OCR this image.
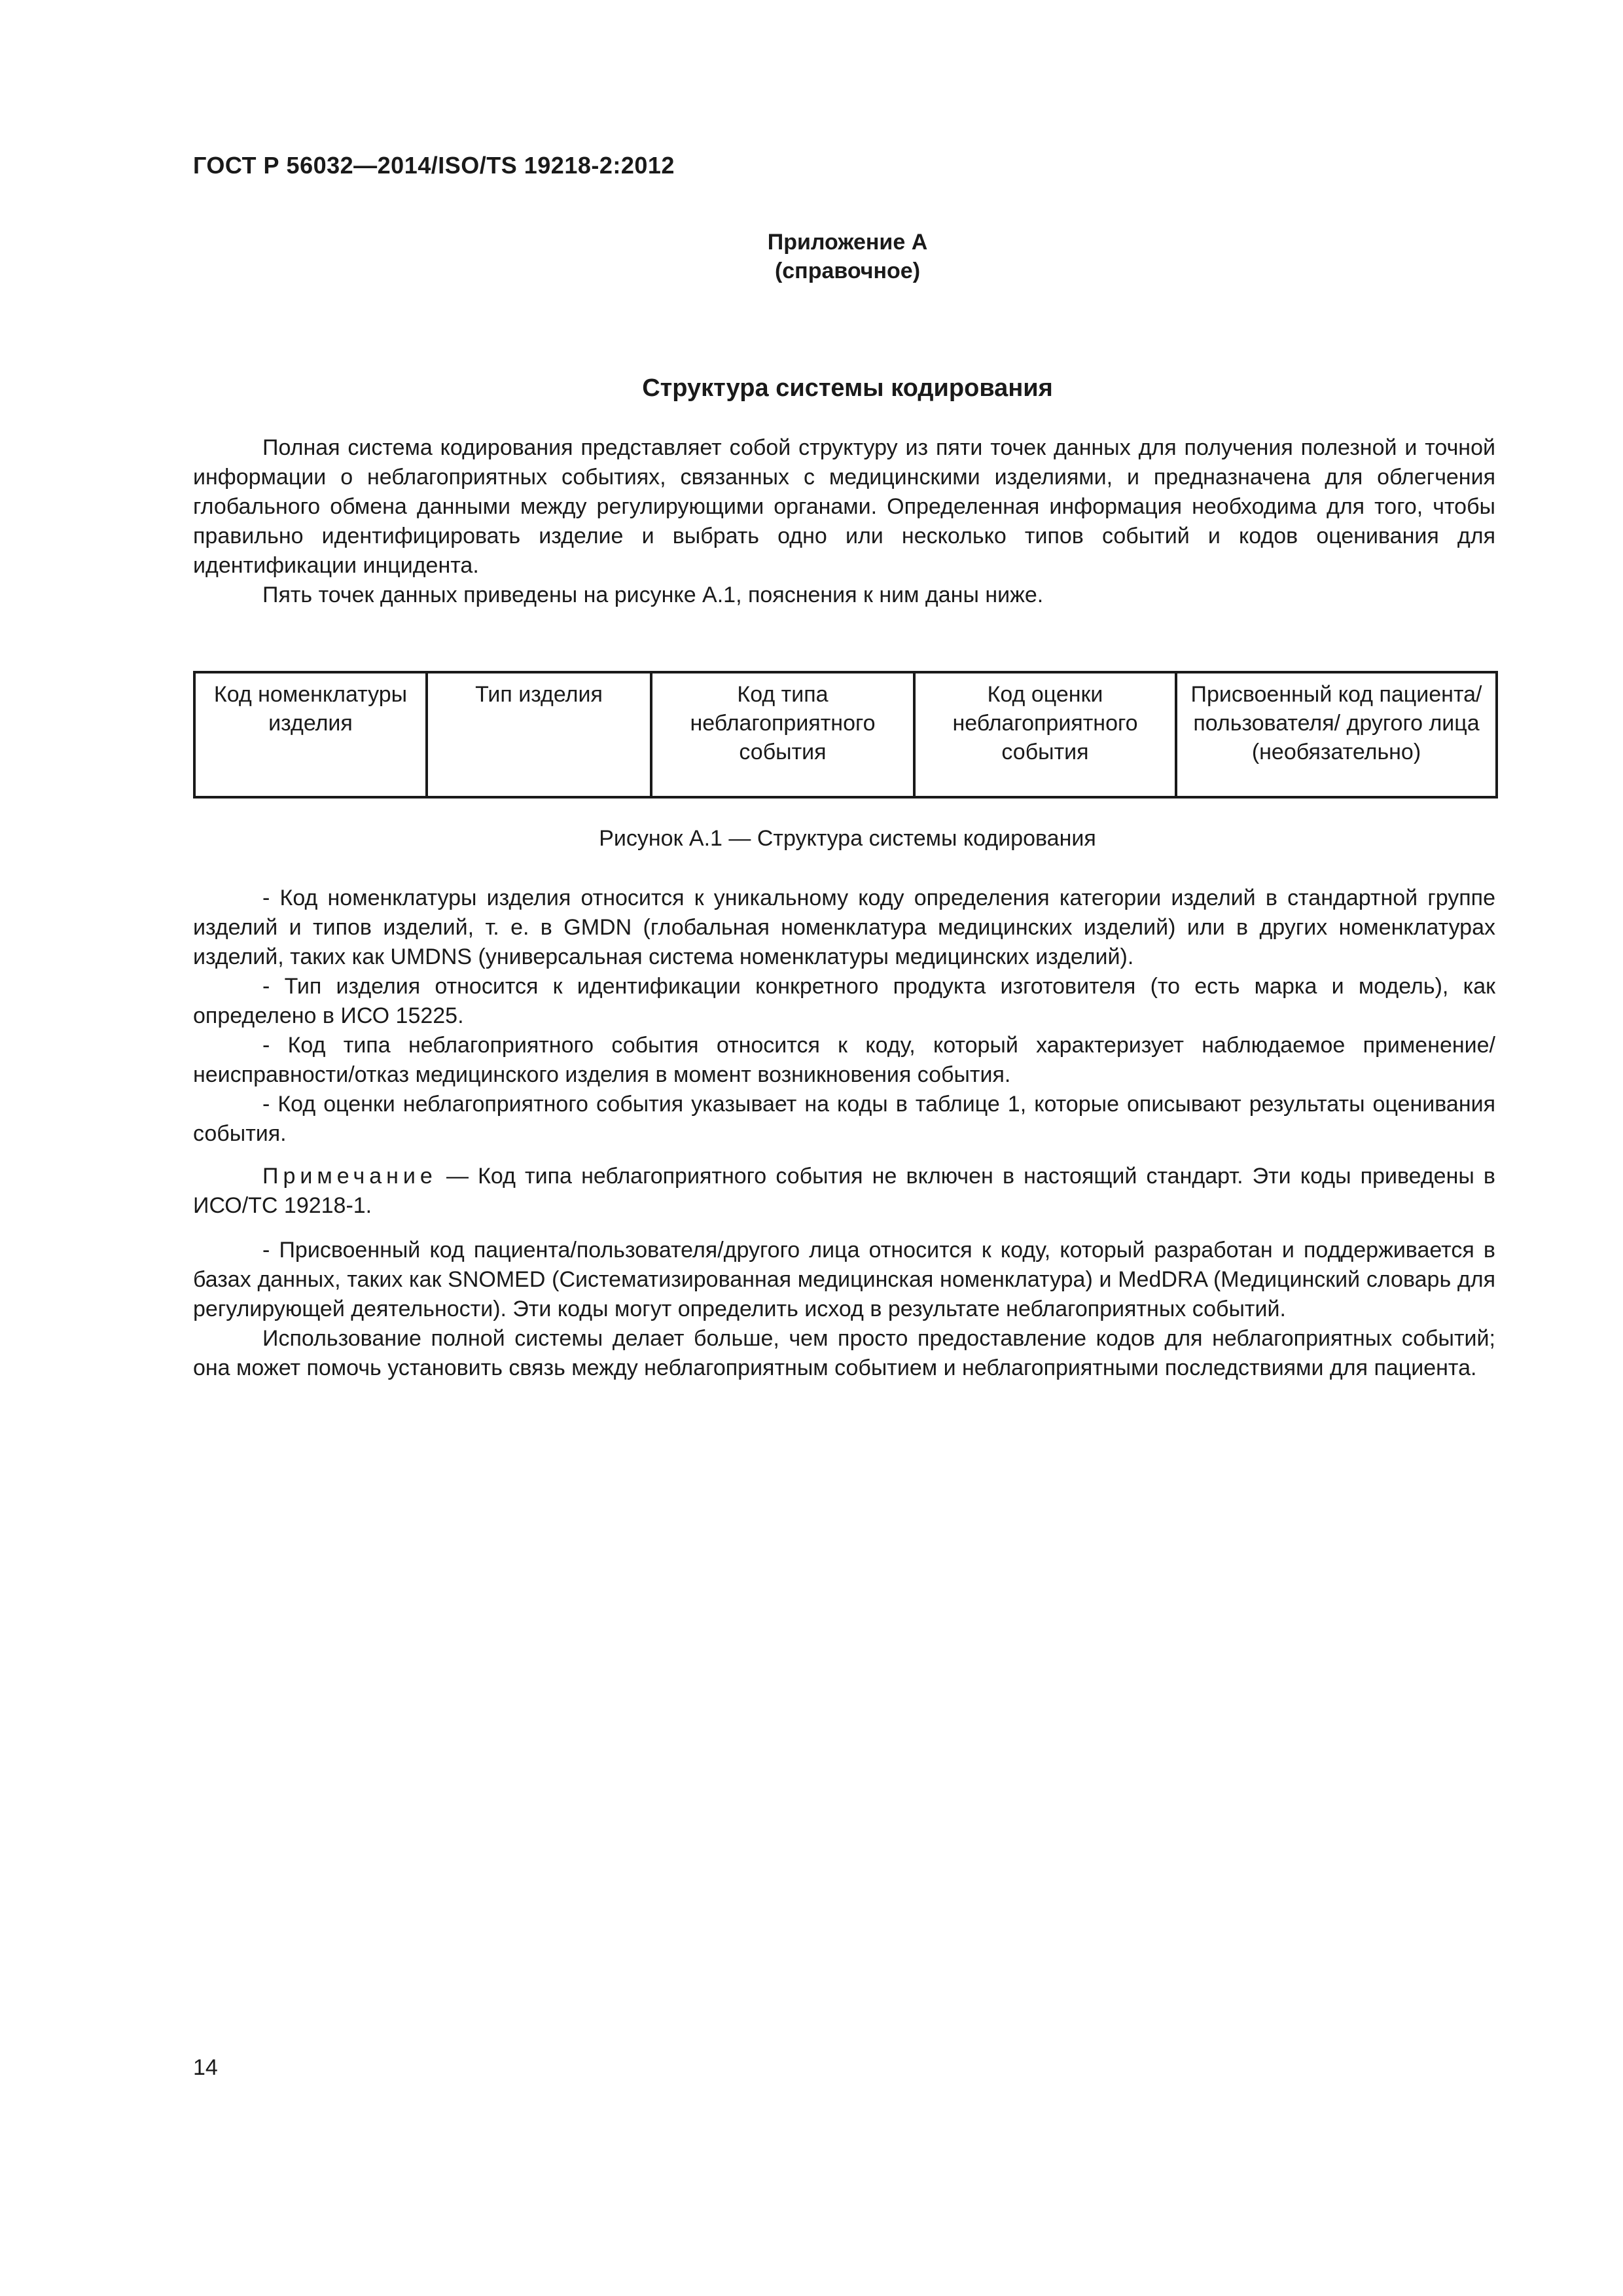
ГОСТ Р 56032—2014/ISO/TS 19218-2:2012
Приложение А
(справочное)
Структура системы кодирования

Полная система кодирования представляет собой структуру из пяти точек данных для получения полезной и точной информации о неблагоприятных событиях, связанных с медицинскими изделиями, и предназначена для облегчения глобального обмена данными между регулирующими органами. Определенная информация необходима для того, чтобы правильно идентифицировать изделие и выбрать одно или несколько типов событий и кодов оценивания для идентификации инцидента.

Пять точек данных приведены на рисунке А.1, пояснения к ним даны ниже.

Код номенклатуры изделия	Тип изделия	Код типа неблагоприятного события	Код оценки неблагоприятного события	Присвоенный код пациента/пользователя/ другого лица (необязательно)
Рисунок А.1 — Структура системы кодирования

- Код номенклатуры изделия относится к уникальному коду определения категории изделий в стандартной группе изделий и типов изделий, т. е. в GMDN (глобальная номенклатура медицинских изделий) или в других номенклатурах изделий, таких как UMDNS (универсальная система номенклатуры медицинских изделий).

- Тип изделия относится к идентификации конкретного продукта изготовителя (то есть марка и модель), как определено в ИСО 15225.

- Код типа неблагоприятного события относится к коду, который характеризует наблюдаемое применение/неисправности/отказ медицинского изделия в момент возникновения события.

- Код оценки неблагоприятного события указывает на коды в таблице 1, которые описывают результаты оценивания события.

Примечание — Код типа неблагоприятного события не включен в настоящий стандарт. Эти коды приведены в ИСО/ТС 19218-1.

- Присвоенный код пациента/пользователя/другого лица относится к коду, который разработан и поддерживается в базах данных, таких как SNOMED (Систематизированная медицинская номенклатура) и MedDRA (Медицинский словарь для регулирующей деятельности). Эти коды могут определить исход в результате неблагоприятных событий.

Использование полной системы делает больше, чем просто предоставление кодов для неблагоприятных событий; она может помочь установить связь между неблагоприятным событием и неблагоприятными последствиями для пациента.

14
